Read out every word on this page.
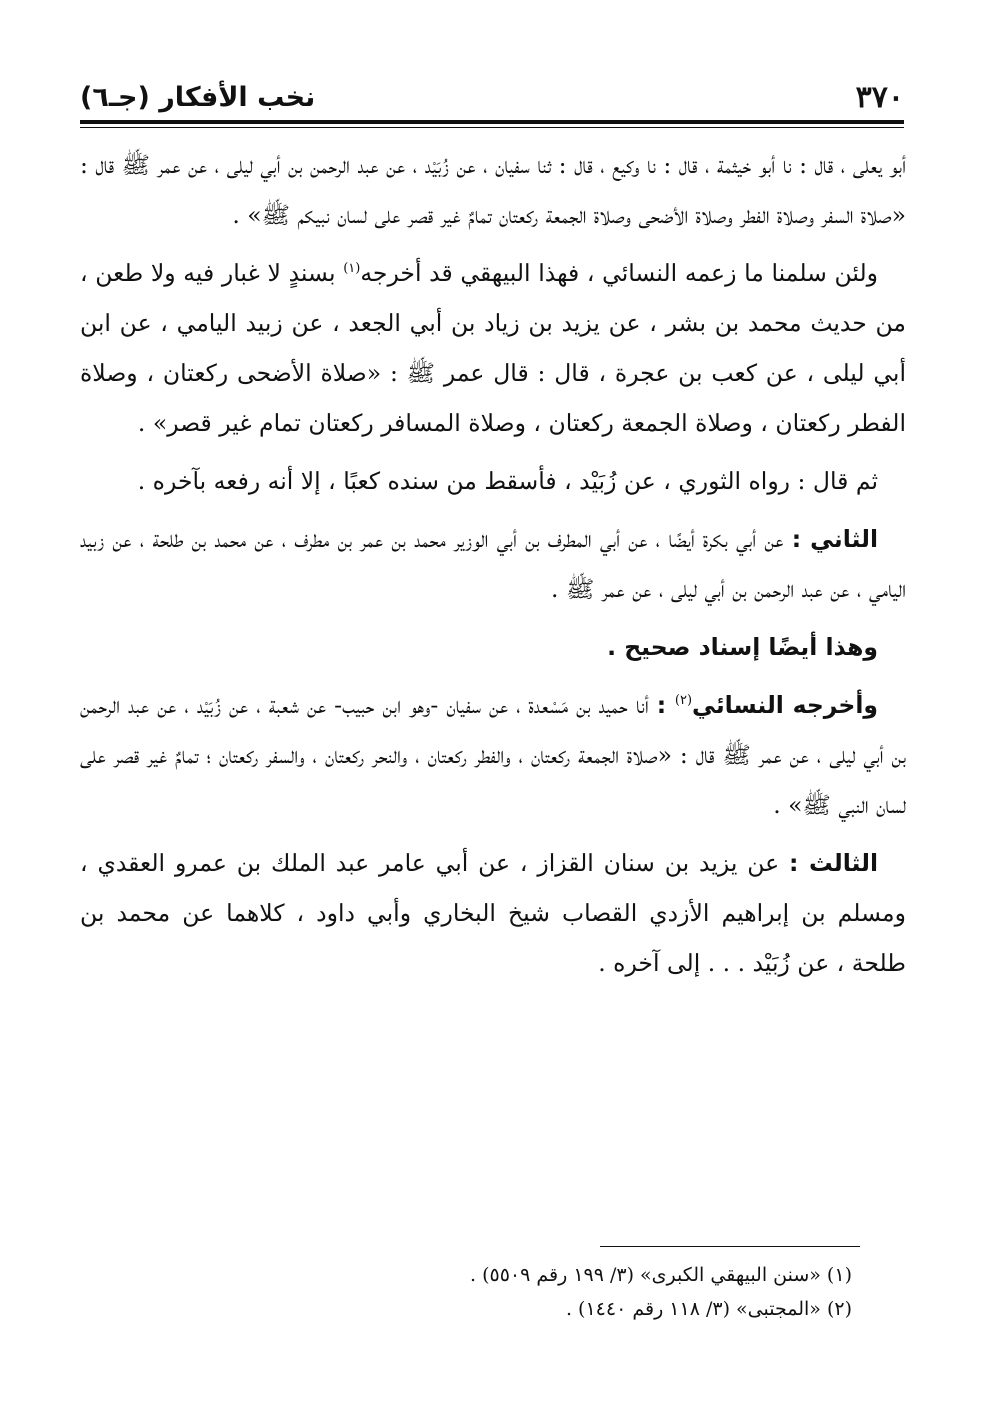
٣٧٠
نخب الأفكار (جـ٦)

أبو يعلى ، قال : نا أبو خيثمة ، قال : نا وكيع ، قال : ثنا سفيان ، عن زُبَيْد ، عن عبد الرحمن بن أبي ليلى ، عن عمر ﷺ قال : «صلاة السفر وصلاة الفطر وصلاة الأضحى وصلاة الجمعة ركعتان تمامٌ غير قصر على لسان نبيكم ﷺ» .

ولئن سلمنا ما زعمه النسائي ، فهذا البيهقي قد أخرجه$^{(١)}$ بسندٍ لا غبار فيه ولا طعن ، من حديث محمد بن بشر ، عن يزيد بن زياد بن أبي الجعد ، عن زبيد اليامي ، عن ابن أبي ليلى ، عن كعب بن عجرة ، قال : قال عمر ﷺ : «صلاة الأضحى ركعتان ، وصلاة الفطر ركعتان ، وصلاة الجمعة ركعتان ، وصلاة المسافر ركعتان تمام غير قصر» .

ثم قال : رواه الثوري ، عن زُبَيْد ، فأسقط من سنده كعبًا ، إلا أنه رفعه بآخره .

الثاني : عن أبي بكرة أيضًا ، عن أبي المطرف بن أبي الوزير محمد بن عمر بن مطرف ، عن محمد بن طلحة ، عن زبيد اليامي ، عن عبد الرحمن بن أبي ليلى ، عن عمر ﷺ .

وهذا أيضًا إسناد صحيح .

وأخرجه النسائي$^{(٢)}$ : أنا حميد بن مَسْعدة ، عن سفيان -وهو ابن حبيب- عن شعبة ، عن زُبَيْد ، عن عبد الرحمن بن أبي ليلى ، عن عمر ﷺ قال : «صلاة الجمعة ركعتان ، والفطر ركعتان ، والنحر ركعتان ، والسفر ركعتان ؛ تمامٌ غير قصر على لسان النبي ﷺ» .

الثالث : عن يزيد بن سنان القزاز ، عن أبي عامر عبد الملك بن عمرو العقدي ، ومسلم بن إبراهيم الأزدي القصاب شيخ البخاري وأبي داود ، كلاهما عن محمد بن طلحة ، عن زُبَيْد . . . إلى آخره .

(١) «سنن البيهقي الكبرى» (٣/ ١٩٩ رقم ٥٥٠٩) .
(٢) «المجتبى» (٣/ ١١٨ رقم ١٤٤٠) .
